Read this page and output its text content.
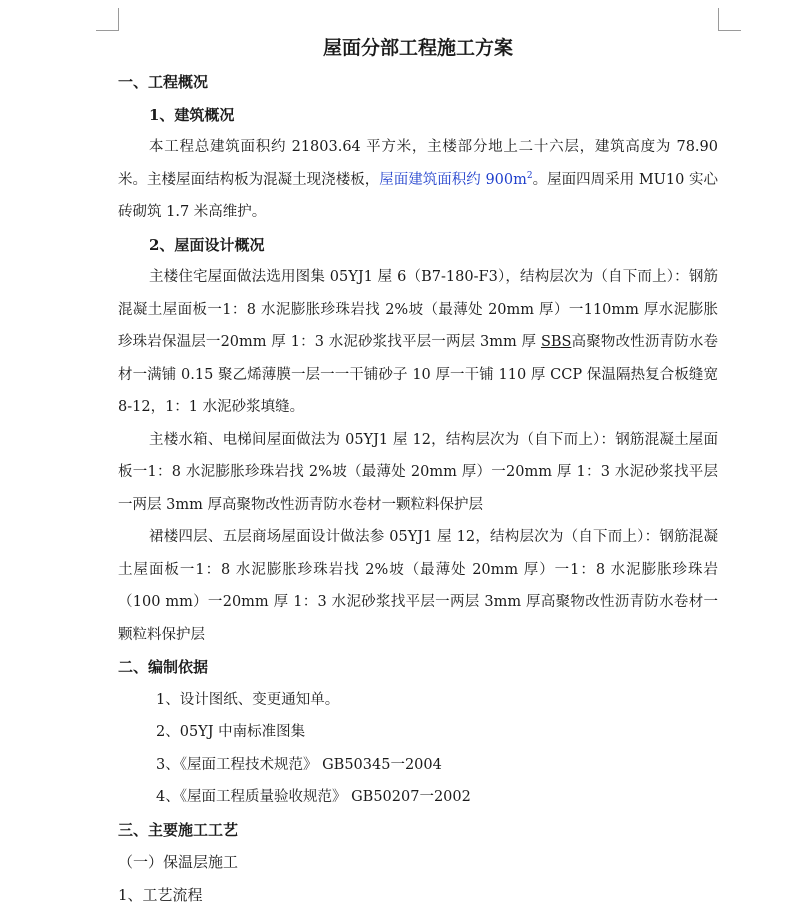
屋面分部工程施工方案

一、工程概况

1、建筑概况

本工程总建筑面积约 21803.64 平方米，主楼部分地上二十六层，建筑高度为 78.90 米。主楼屋面结构板为混凝土现浇楼板，屋面建筑面积约 $900m^2$。屋面四周采用 MU10 实心砖砌筑 1.7 米高维护。

2、屋面设计概况

主楼住宅屋面做法选用图集 05YJ1 屋 6（B7-180-F3），结构层次为（自下而上）：钢筋混凝土屋面板一1：8 水泥膨胀珍珠岩找 2%坡（最薄处 20mm 厚）一110mm 厚水泥膨胀珍珠岩保温层一20mm 厚 1：3 水泥砂浆找平层一两层 3mm 厚 SBS高聚物改性沥青防水卷材一满铺 0.15 聚乙烯薄膜一层一一干铺砂子 10 厚一干铺 110 厚 CCP 保温隔热复合板缝宽 8-12，1：1 水泥砂浆填缝。

主楼水箱、电梯间屋面做法为 05YJ1 屋 12，结构层次为（自下而上）：钢筋混凝土屋面板一1：8 水泥膨胀珍珠岩找 2%坡（最薄处 20mm 厚）一20mm 厚 1：3 水泥砂浆找平层一两层 3mm 厚高聚物改性沥青防水卷材一颗粒料保护层

裙楼四层、五层商场屋面设计做法参 05YJ1 屋 12，结构层次为（自下而上）：钢筋混凝土屋面板一1：8 水泥膨胀珍珠岩找 2%坡（最薄处 20mm 厚）一1：8 水泥膨胀珍珠岩（100 mm）一20mm 厚 1：3 水泥砂浆找平层一两层 3mm 厚高聚物改性沥青防水卷材一颗粒料保护层

二、编制依据

1、设计图纸、变更通知单。

2、05YJ 中南标准图集

3、《屋面工程技术规范》 GB50345一2004

4、《屋面工程质量验收规范》 GB50207一2002

三、主要施工工艺

（一）保温层施工

1、工艺流程
